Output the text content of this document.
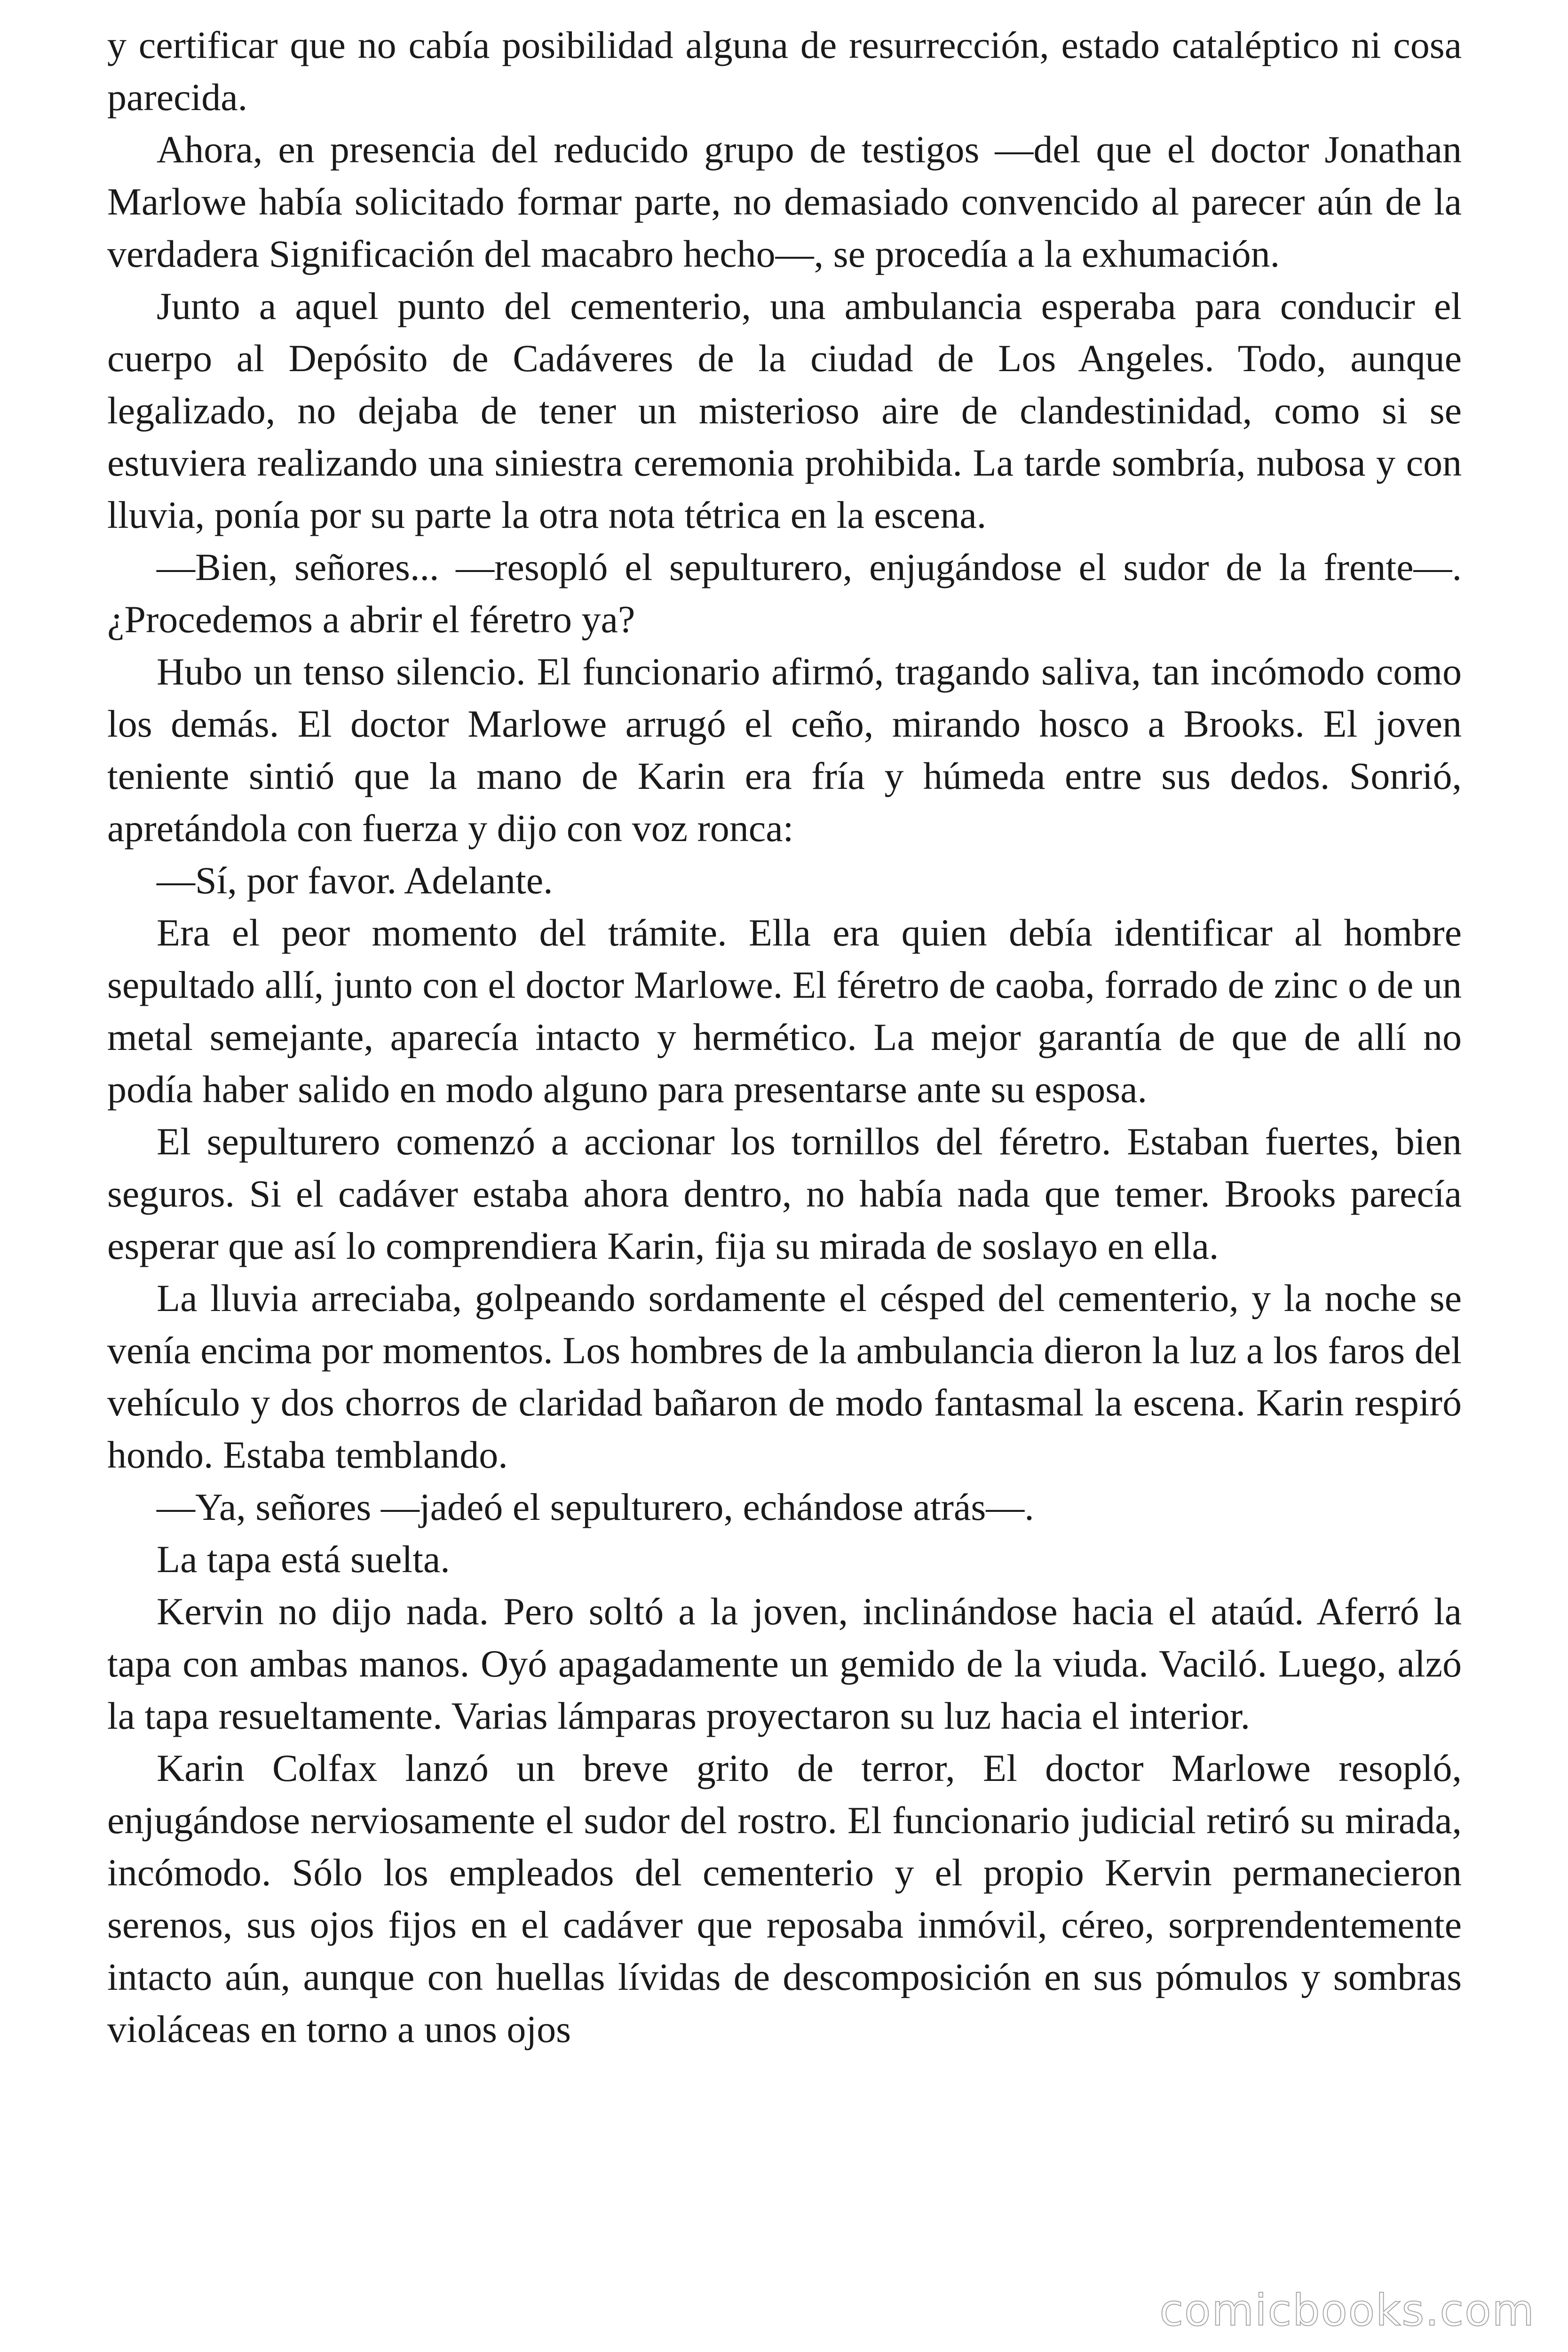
y certificar que no cabía posibilidad alguna de resurrección, estado cataléptico ni cosa parecida.

Ahora, en presencia del reducido grupo de testigos —del que el doctor Jonathan Marlowe había solicitado formar parte, no demasiado convencido al parecer aún de la verdadera Significación del macabro hecho—, se procedía a la exhumación.

Junto a aquel punto del cementerio, una ambulancia esperaba para conducir el cuerpo al Depósito de Cadáveres de la ciudad de Los Angeles. Todo, aunque legalizado, no dejaba de tener un misterioso aire de clandestinidad, como si se estuviera realizando una siniestra ceremonia prohibida. La tarde sombría, nubosa y con lluvia, ponía por su parte la otra nota tétrica en la escena.

—Bien, señores... —resopló el sepulturero, enjugándose el sudor de la frente—. ¿Procedemos a abrir el féretro ya?

Hubo un tenso silencio. El funcionario afirmó, tragando saliva, tan incómodo como los demás. El doctor Marlowe arrugó el ceño, mirando hosco a Brooks. El joven teniente sintió que la mano de Karin era fría y húmeda entre sus dedos. Sonrió, apretándola con fuerza y dijo con voz ronca:

—Sí, por favor. Adelante.

Era el peor momento del trámite. Ella era quien debía identificar al hombre sepultado allí, junto con el doctor Marlowe. El féretro de caoba, forrado de zinc o de un metal semejante, aparecía intacto y hermético. La mejor garantía de que de allí no podía haber salido en modo alguno para presentarse ante su esposa.

El sepulturero comenzó a accionar los tornillos del féretro. Estaban fuertes, bien seguros. Si el cadáver estaba ahora dentro, no había nada que temer. Brooks parecía esperar que así lo comprendiera Karin, fija su mirada de soslayo en ella.

La lluvia arreciaba, golpeando sordamente el césped del cementerio, y la noche se venía encima por momentos. Los hombres de la ambulancia dieron la luz a los faros del vehículo y dos chorros de claridad bañaron de modo fantasmal la escena. Karin respiró hondo. Estaba temblando.

—Ya, señores —jadeó el sepulturero, echándose atrás—.

La tapa está suelta.

Kervin no dijo nada. Pero soltó a la joven, inclinándose hacia el ataúd. Aferró la tapa con ambas manos. Oyó apagadamente un gemido de la viuda. Vaciló. Luego, alzó la tapa resueltamente. Varias lámparas proyectaron su luz hacia el interior.

Karin Colfax lanzó un breve grito de terror, El doctor Marlowe resopló, enjugándose nerviosamente el sudor del rostro. El funcionario judicial retiró su mirada, incómodo. Sólo los empleados del cementerio y el propio Kervin permanecieron serenos, sus ojos fijos en el cadáver que reposaba inmóvil, céreo, sorprendentemente intacto aún, aunque con huellas lívidas de descomposición en sus pómulos y sombras violáceas en torno a unos ojos

comicbooks.com
